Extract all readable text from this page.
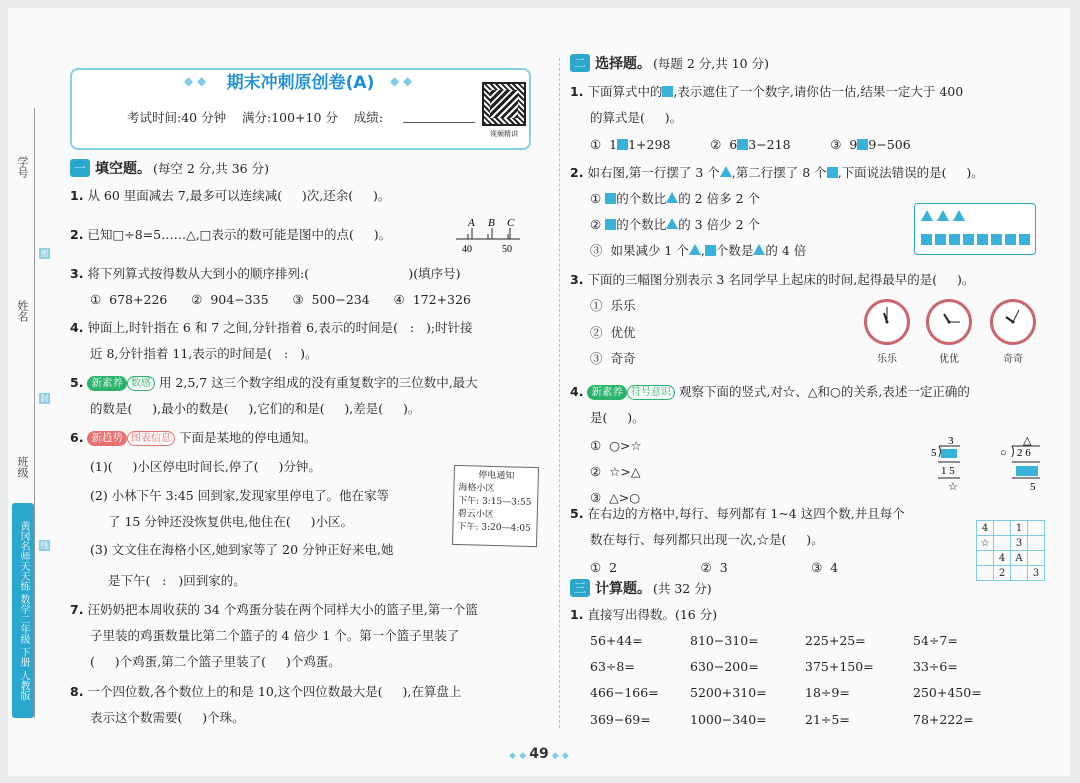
学号
姓名
班级
密
封
线
黄冈名师天天练 数学二年级 下册 人教版
◆ ◆	期末冲刺原创卷(A)	◆ ◆
考试时间:40 分钟    满分:100+10 分    成绩:
视频精讲
一 填空题。 (每空 2 分,共 36 分)
1. 从 60 里面减去 7,最多可以连续减(     )次,还余(     )。
2. 已知□÷8=5……△,□表示的数可能是图中的点(     )。
A B C
40	50
3. 将下列算式按得数从大到小的顺序排列:(                         )(填序号)
①  678+226      ②  904−335      ③  500−234      ④  172+326
4. 钟面上,时针指在 6 和 7 之间,分针指着 6,表示的时间是(   :   );时针接
近 8,分针指着 11,表示的时间是(   :   )。
5. 新素养 数感 用 2,5,7 这三个数字组成的没有重复数字的三位数中,最大
的数是(     ),最小的数是(     ),它们的和是(     ),差是(     )。
6. 新趋势 图表信息 下面是某地的停电通知。
(1)(     )小区停电时间长,停了(     )分钟。
(2) 小林下午 3:45 回到家,发现家里停电了。他在家等
了 15 分钟还没恢复供电,他住在(     )小区。
(3) 文文住在海格小区,她到家等了 20 分钟正好来电,她
是下午(   :   )回到家的。
停电通知
海格小区
下午: 3:15—3:55
碧云小区
下午: 3:20—4:05
7. 汪奶奶把本周收获的 34 个鸡蛋分装在两个同样大小的篮子里,第一个篮
子里装的鸡蛋数量比第二个篮子的 4 倍少 1 个。第一个篮子里装了
(     )个鸡蛋,第二个篮子里装了(     )个鸡蛋。
8. 一个四位数,各个数位上的和是 10,这个四位数最大是(     ),在算盘上
表示这个数需要(     )个珠。
二 选择题。 (每题 2 分,共 10 分)
1. 下面算式中的 ,表示遮住了一个数字,请你估一估,结果一定大于 400
的算式是(     )。
①  1 1+298	②  6 3−218	③  9 9−506
2. 如右图,第一行摆了 3 个 ,第二行摆了 8 个 ,下面说法错误的是(     )。
① 的个数比 的 2 倍多 2 个
② 的个数比 的 3 倍少 2 个
③  如果减少 1 个 , 个数是 的 4 倍

3. 下面的三幅图分别表示 3 名同学早上起床的时间,起得最早的是(     )。
①  乐乐
②  优优
③  奇奇	乐乐	优优	奇奇
4. 新素养 符号意识 观察下面的竖式,对☆、△和○的关系,表述一定正确的
是(     )。
①  ○>☆
②  ☆>△
③  △>○
3
5
1 5
☆
△
○ 2 6
5
5. 在右边的方格中,每行、每列都有 1~4 这四个数,并且每个
数在每行、每列都只出现一次,☆是(     )。
①  2                     ②  3                     ③  4
4		1	
☆		3	
	4	A	
	2		3
三 计算题。 (共 32 分)
1. 直接写出得数。(16 分)
56+44=	810−310=	225+25=	54÷7=
63÷8=	630−200=	375+150=	33÷6=
466−166=	5200+310=	18÷9=	250+450=
369−69=	1000−340=	21÷5=	78+222=
◆ ◆ 49 ◆ ◆
